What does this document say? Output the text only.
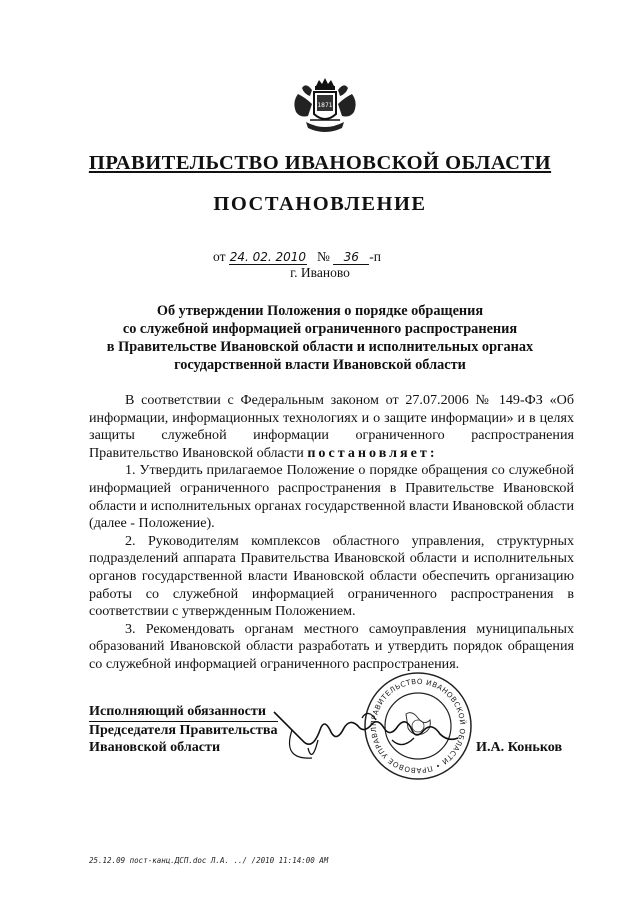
1871
ПРАВИТЕЛЬСТВО ИВАНОВСКОЙ ОБЛАСТИ
ПОСТАНОВЛЕНИЕ
от 24. 02. 2010 № 36 -п
г. Иваново
Об утверждении Положения о порядке обращения
со служебной информацией ограниченного распространения
в Правительстве Ивановской области и исполнительных органах
государственной власти Ивановской области

В соответствии с Федеральным законом от 27.07.2006 № 149-ФЗ «Об информации, информационных технологиях и о защите информации» и в целях защиты служебной информации ограниченного распространения Правительство Ивановской области постановляет:

1. Утвердить прилагаемое Положение о порядке обращения со служебной информацией ограниченного распространения в Правительстве Ивановской области и исполнительных органах государственной власти Ивановской области (далее - Положение).

2. Руководителям комплексов областного управления, структурных подразделений аппарата Правительства Ивановской области и исполнительных органов государственной власти Ивановской области обеспечить организацию работы со служебной информацией ограниченного распространения в соответствии с утвержденным Положением.

3. Рекомендовать органам местного самоуправления муниципальных образований Ивановской области разработать и утвердить порядок обращения со служебной информацией ограниченного распространения.

Исполняющий обязанности
Председателя Правительства
Ивановской области
ПРАВИТЕЛЬСТВО ИВАНОВСКОЙ ОБЛАСТИ • ПРАВОВОЕ УПРАВЛ
И.А. Коньков
25.12.09 пост-канц.ДСП.doc Л.А. ../ /2010 11:14:00 AM
